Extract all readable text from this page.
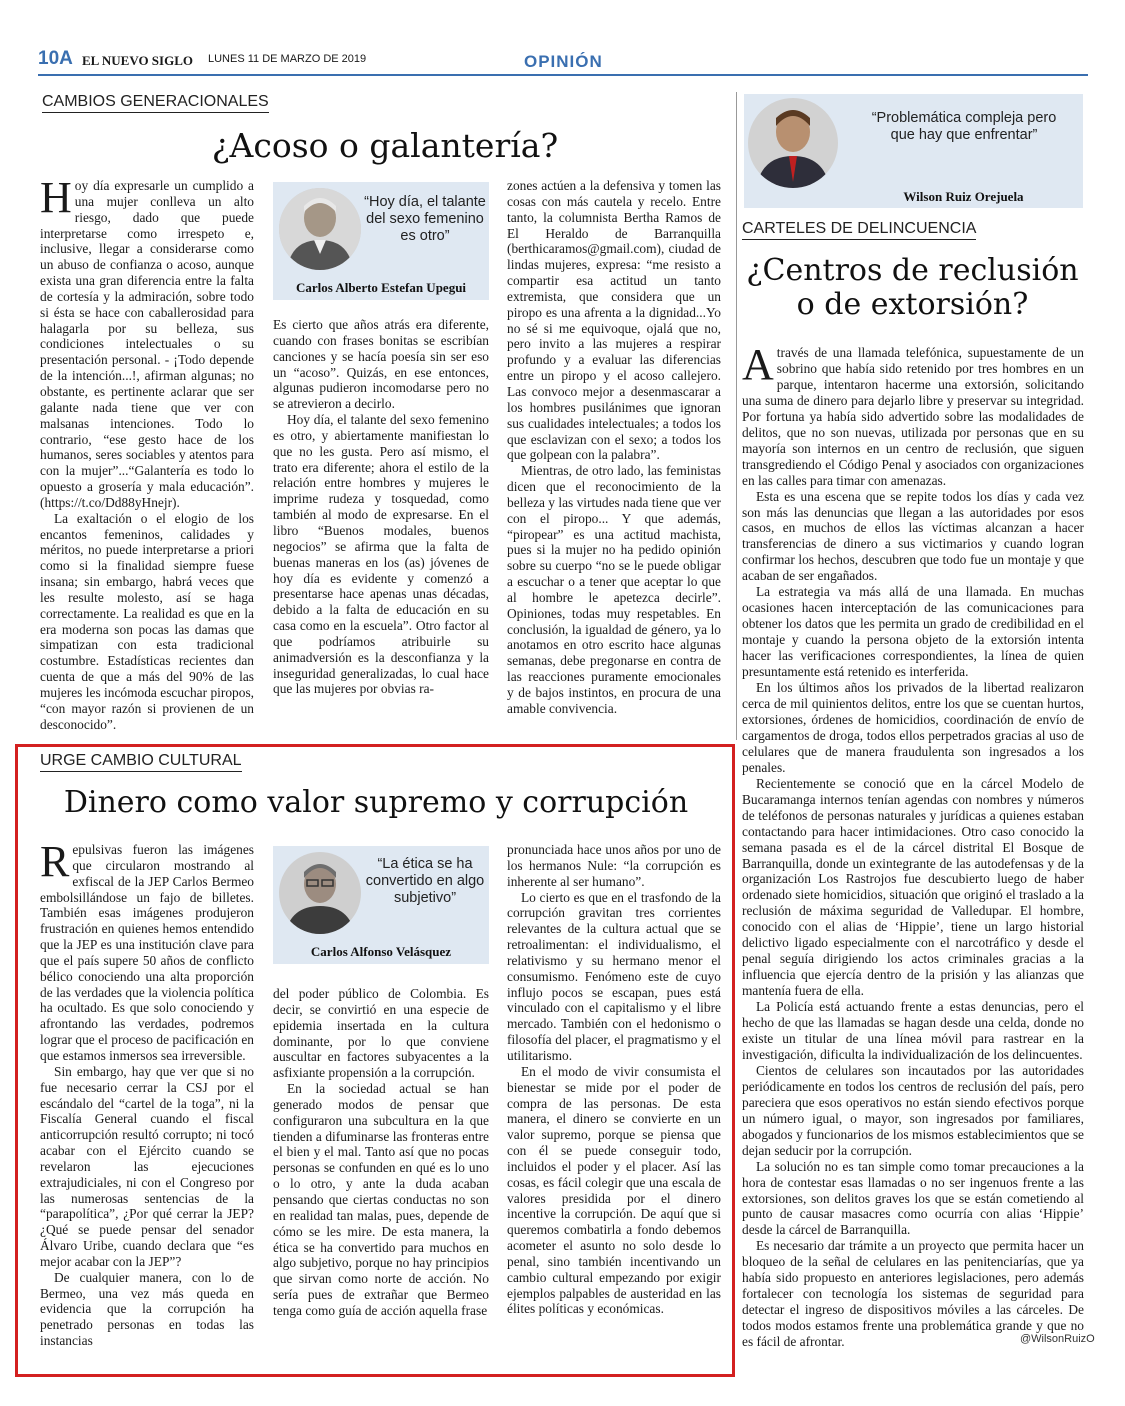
10A EL NUEVO SIGLO LUNES 11 DE MARZO DE 2019	OPINIÓN
CAMBIOS GENERACIONALES
¿Acoso o galantería?

Hoy día expresarle un cumplido a una mujer conlleva un alto riesgo, dado que puede interpretarse como irrespeto e, inclusive, llegar a considerarse como un abuso de confianza o acoso, aunque exista una gran diferencia entre la falta de cortesía y la admiración, sobre todo si ésta se hace con caballerosidad para halagarla por su belleza, sus condiciones intelectuales o su presentación personal. - ¡Todo depende de la intención...!, afirman algunas; no obstante, es pertinente aclarar que ser galante nada tiene que ver con malsanas intenciones. Todo lo contrario, “ese gesto hace de los humanos, seres sociables y atentos para con la mujer”...“Galantería es todo lo opuesto a grosería y mala educación”. (https://t.co/Dd88yHnejr).

La exaltación o el elogio de los encantos femeninos, calidades y méritos, no puede interpretarse a priori como si la finalidad siempre fuese insana; sin embargo, habrá veces que les resulte molesto, así se haga correctamente. La realidad es que en la era moderna son pocas las damas que simpatizan con esta tradicional costumbre. Estadísticas recientes dan cuenta de que a más del 90% de las mujeres les incómoda escuchar piropos, “con mayor razón si provienen de un desconocido”.

“Hoy día, el talante del sexo femenino es otro”
Carlos Alberto Estefan Upegui

Es cierto que años atrás era diferente, cuando con frases bonitas se escribían canciones y se hacía poesía sin ser eso un “acoso”. Quizás, en ese entonces, algunas pudieron incomodarse pero no se atrevieron a decirlo.

Hoy día, el talante del sexo femenino es otro, y abiertamente manifiestan lo que no les gusta. Pero así mismo, el trato era diferente; ahora el estilo de la relación entre hombres y mujeres le imprime rudeza y tosquedad, como también al modo de expresarse. En el libro “Buenos modales, buenos negocios” se afirma que la falta de buenas maneras en los (as) jóvenes de hoy día es evidente y comenzó a presentarse hace apenas unas décadas, debido a la falta de educación en su casa como en la escuela”. Otro factor al que podríamos atribuirle su animadversión es la desconfianza y la inseguridad generalizadas, lo cual hace que las mujeres por obvias ra-

zones actúen a la defensiva y tomen las cosas con más cautela y recelo. Entre tanto, la columnista Bertha Ramos de El Heraldo de Barranquilla (berthicaramos@gmail.com), ciudad de lindas mujeres, expresa: “me resisto a compartir esa actitud un tanto extremista, que considera que un piropo es una afrenta a la dignidad...Yo no sé si me equivoque, ojalá que no, pero invito a las mujeres a respirar profundo y a evaluar las diferencias entre un piropo y el acoso callejero. Las convoco mejor a desenmascarar a los hombres pusilánimes que ignoran sus cualidades intelectuales; a todos los que esclavizan con el sexo; a todos los que golpean con la palabra”.

Mientras, de otro lado, las feministas dicen que el reconocimiento de la belleza y las virtudes nada tiene que ver con el piropo... Y que además, “piropear” es una actitud machista, pues si la mujer no ha pedido opinión sobre su cuerpo “no se le puede obligar a escuchar o a tener que aceptar lo que al hombre le apetezca decirle”. Opiniones, todas muy respetables. En conclusión, la igualdad de género, ya lo anotamos en otro escrito hace algunas semanas, debe pregonarse en contra de las reacciones puramente emocionales y de bajos instintos, en procura de una amable convivencia.

URGE CAMBIO CULTURAL
Dinero como valor supremo y corrupción

Repulsivas fueron las imágenes que circularon mostrando al exfiscal de la JEP Carlos Bermeo embolsillándose un fajo de billetes. También esas imágenes produjeron frustración en quienes hemos entendido que la JEP es una institución clave para que el país supere 50 años de conflicto bélico conociendo una alta proporción de las verdades que la violencia política ha ocultado. Es que solo conociendo y afrontando las verdades, podremos lograr que el proceso de pacificación en que estamos inmersos sea irreversible.

Sin embargo, hay que ver que si no fue necesario cerrar la CSJ por el escándalo del “cartel de la toga”, ni la Fiscalía General cuando el fiscal anticorrupción resultó corrupto; ni tocó acabar con el Ejército cuando se revelaron las ejecuciones extrajudiciales, ni con el Congreso por las numerosas sentencias de la “parapolítica”, ¿Por qué cerrar la JEP? ¿Qué se puede pensar del senador Álvaro Uribe, cuando declara que “es mejor acabar con la JEP”?

De cualquier manera, con lo de Bermeo, una vez más queda en evidencia que la corrupción ha penetrado personas en todas las instancias

“La ética se ha convertido en algo subjetivo”
Carlos Alfonso Velásquez

del poder público de Colombia. Es decir, se convirtió en una especie de epidemia insertada en la cultura dominante, por lo que conviene auscultar en factores subyacentes a la asfixiante propensión a la corrupción.

En la sociedad actual se han generado modos de pensar que configuraron una subcultura en la que tienden a difuminarse las fronteras entre el bien y el mal. Tanto así que no pocas personas se confunden en qué es lo uno o lo otro, y ante la duda acaban pensando que ciertas conductas no son en realidad tan malas, pues, depende de cómo se les mire. De esta manera, la ética se ha convertido para muchos en algo subjetivo, porque no hay principios que sirvan como norte de acción. No sería pues de extrañar que Bermeo tenga como guía de acción aquella frase

pronunciada hace unos años por uno de los hermanos Nule: “la corrupción es inherente al ser humano”.

Lo cierto es que en el trasfondo de la corrupción gravitan tres corrientes relevantes de la cultura actual que se retroalimentan: el individualismo, el relativismo y su hermano menor el consumismo. Fenómeno este de cuyo influjo pocos se escapan, pues está vinculado con el capitalismo y el libre mercado. También con el hedonismo o filosofía del placer, el pragmatismo y el utilitarismo.

En el modo de vivir consumista el bienestar se mide por el poder de compra de las personas. De esta manera, el dinero se convierte en un valor supremo, porque se piensa que con él se puede conseguir todo, incluidos el poder y el placer. Así las cosas, es fácil colegir que una escala de valores presidida por el dinero incentive la corrupción. De aquí que si queremos combatirla a fondo debemos acometer el asunto no solo desde lo penal, sino también incentivando un cambio cultural empezando por exigir ejemplos palpables de austeridad en las élites políticas y económicas.

“Problemática compleja pero que hay que enfrentar”
Wilson Ruiz Orejuela
CARTELES DE DELINCUENCIA
¿Centros de reclusión
o de extorsión?

Através de una llamada telefónica, supuestamente de un sobrino que había sido retenido por tres hombres en un parque, intentaron hacerme una extorsión, solicitando una suma de dinero para dejarlo libre y preservar su integridad. Por fortuna ya había sido advertido sobre las modalidades de delitos, que no son nuevas, utilizada por personas que en su mayoría son internos en un centro de reclusión, que siguen transgrediendo el Código Penal y asociados con organizaciones en las calles para timar con amenazas.

Esta es una escena que se repite todos los días y cada vez son más las denuncias que llegan a las autoridades por esos casos, en muchos de ellos las víctimas alcanzan a hacer transferencias de dinero a sus victimarios y cuando logran confirmar los hechos, descubren que todo fue un montaje y que acaban de ser engañados.

La estrategia va más allá de una llamada. En muchas ocasiones hacen interceptación de las comunicaciones para obtener los datos que les permita un grado de credibilidad en el montaje y cuando la persona objeto de la extorsión intenta hacer las verificaciones correspondientes, la línea de quien presuntamente está retenido es interferida.

En los últimos años los privados de la libertad realizaron cerca de mil quinientos delitos, entre los que se cuentan hurtos, extorsiones, órdenes de homicidios, coordinación de envío de cargamentos de droga, todos ellos perpetrados gracias al uso de celulares que de manera fraudulenta son ingresados a los penales.

Recientemente se conoció que en la cárcel Modelo de Bucaramanga internos tenían agendas con nombres y números de teléfonos de personas naturales y jurídicas a quienes estaban contactando para hacer intimidaciones. Otro caso conocido la semana pasada es el de la cárcel distrital El Bosque de Barranquilla, donde un exintegrante de las autodefensas y de la organización Los Rastrojos fue descubierto luego de haber ordenado siete homicidios, situación que originó el traslado a la reclusión de máxima seguridad de Valledupar. El hombre, conocido con el alias de ‘Hippie’, tiene un largo historial delictivo ligado especialmente con el narcotráfico y desde el penal seguía dirigiendo los actos criminales gracias a la influencia que ejercía dentro de la prisión y las alianzas que mantenía fuera de ella.

La Policía está actuando frente a estas denuncias, pero el hecho de que las llamadas se hagan desde una celda, donde no existe un titular de una línea móvil para rastrear en la investigación, dificulta la individualización de los delincuentes.

Cientos de celulares son incautados por las autoridades periódicamente en todos los centros de reclusión del país, pero pareciera que esos operativos no están siendo efectivos porque un número igual, o mayor, son ingresados por familiares, abogados y funcionarios de los mismos establecimientos que se dejan seducir por la corrupción.

La solución no es tan simple como tomar precauciones a la hora de contestar esas llamadas o no ser ingenuos frente a las extorsiones, son delitos graves los que se están cometiendo al punto de causar masacres como ocurría con alias ‘Hippie’ desde la cárcel de Barranquilla.

Es necesario dar trámite a un proyecto que permita hacer un bloqueo de la señal de celulares en las penitenciarías, que ya había sido propuesto en anteriores legislaciones, pero además fortalecer con tecnología los sistemas de seguridad para detectar el ingreso de dispositivos móviles a las cárceles. De todos modos estamos frente una problemática grande y que no es fácil de afrontar.	@WilsonRuizO
